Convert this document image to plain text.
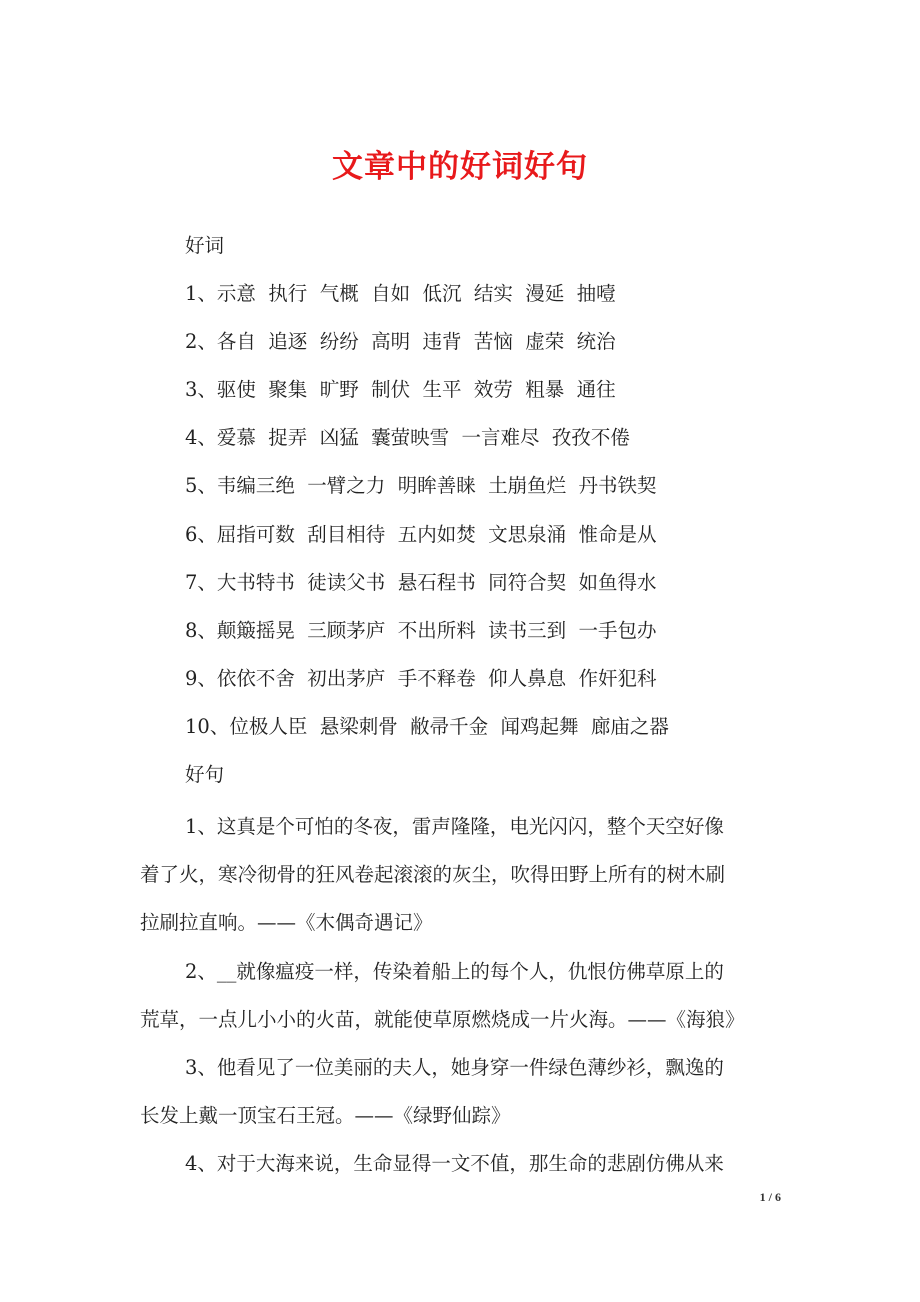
文章中的好词好句
好词
1、示意  执行  气概  自如  低沉  结实  漫延  抽噎
2、各自  追逐  纷纷  高明  违背  苦恼  虚荣  统治
3、驱使  聚集  旷野  制伏  生平  效劳  粗暴  通往
4、爱慕  捉弄  凶猛  囊萤映雪  一言难尽  孜孜不倦
5、韦编三绝  一臂之力  明眸善睐  土崩鱼烂  丹书铁契
6、屈指可数  刮目相待  五内如焚  文思泉涌  惟命是从
7、大书特书  徒读父书  悬石程书  同符合契  如鱼得水
8、颠簸摇晃  三顾茅庐  不出所料  读书三到  一手包办
9、依依不舍  初出茅庐  手不释卷  仰人鼻息  作奸犯科
10、位极人臣  悬梁刺骨  敝帚千金  闻鸡起舞  廊庙之器
好句
1、这真是个可怕的冬夜，雷声隆隆，电光闪闪，整个天空好像
着了火，寒冷彻骨的狂风卷起滚滚的灰尘，吹得田野上所有的树木刷
拉刷拉直响。——《木偶奇遇记》
2、__就像瘟疫一样，传染着船上的每个人，仇恨仿佛草原上的
荒草，一点儿小小的火苗，就能使草原燃烧成一片火海。——《海狼》
3、他看见了一位美丽的夫人，她身穿一件绿色薄纱衫，飘逸的
长发上戴一顶宝石王冠。——《绿野仙踪》
4、对于大海来说，生命显得一文不值，那生命的悲剧仿佛从来
1 / 6
